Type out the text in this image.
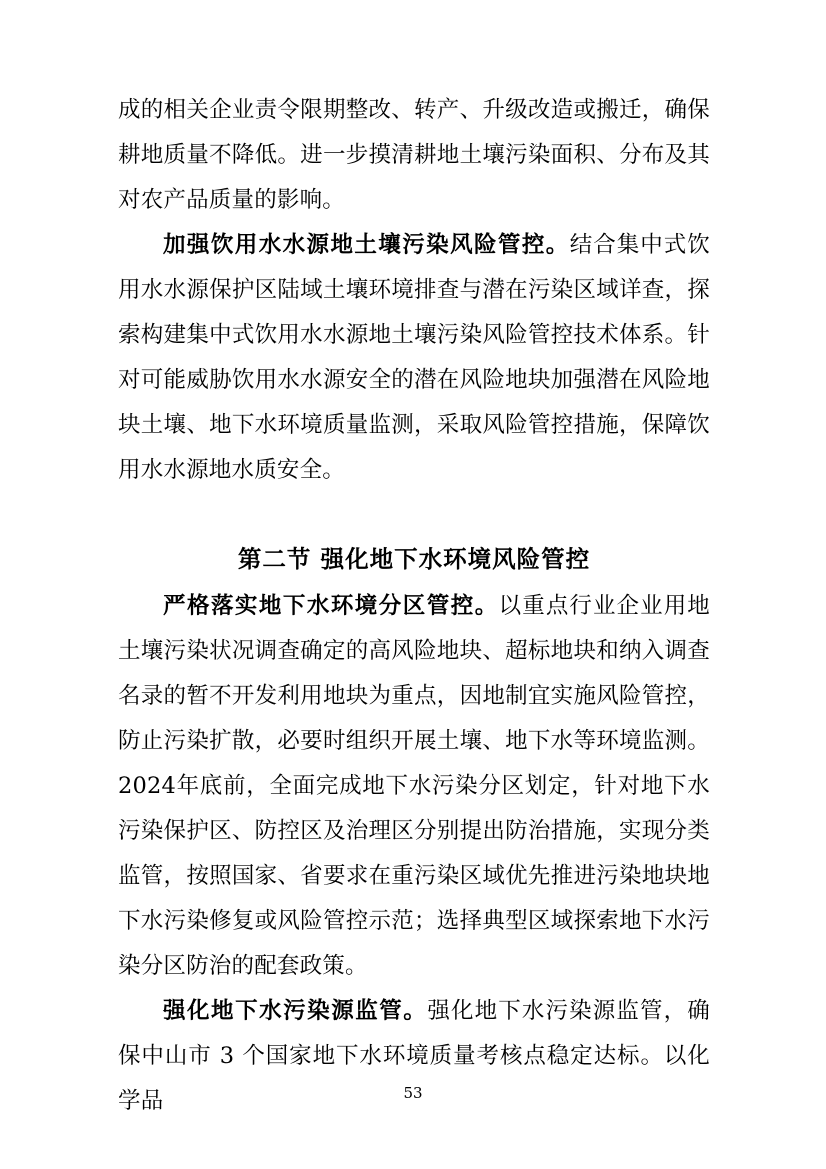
成的相关企业责令限期整改、转产、升级改造或搬迁，确保耕地质量不降低。进一步摸清耕地土壤污染面积、分布及其对农产品质量的影响。

加强饮用水水源地土壤污染风险管控。结合集中式饮用水水源保护区陆域土壤环境排查与潜在污染区域详查，探索构建集中式饮用水水源地土壤污染风险管控技术体系。针对可能威胁饮用水水源安全的潜在风险地块加强潜在风险地块土壤、地下水环境质量监测，采取风险管控措施，保障饮用水水源地水质安全。

第二节 强化地下水环境风险管控

严格落实地下水环境分区管控。以重点行业企业用地土壤污染状况调查确定的高风险地块、超标地块和纳入调查名录的暂不开发利用地块为重点，因地制宜实施风险管控，防止污染扩散，必要时组织开展土壤、地下水等环境监测。2024年底前，全面完成地下水污染分区划定，针对地下水污染保护区、防控区及治理区分别提出防治措施，实现分类监管，按照国家、省要求在重污染区域优先推进污染地块地下水污染修复或风险管控示范；选择典型区域探索地下水污染分区防治的配套政策。

强化地下水污染源监管。强化地下水污染源监管，确保中山市 3 个国家地下水环境质量考核点稳定达标。以化学品	53
